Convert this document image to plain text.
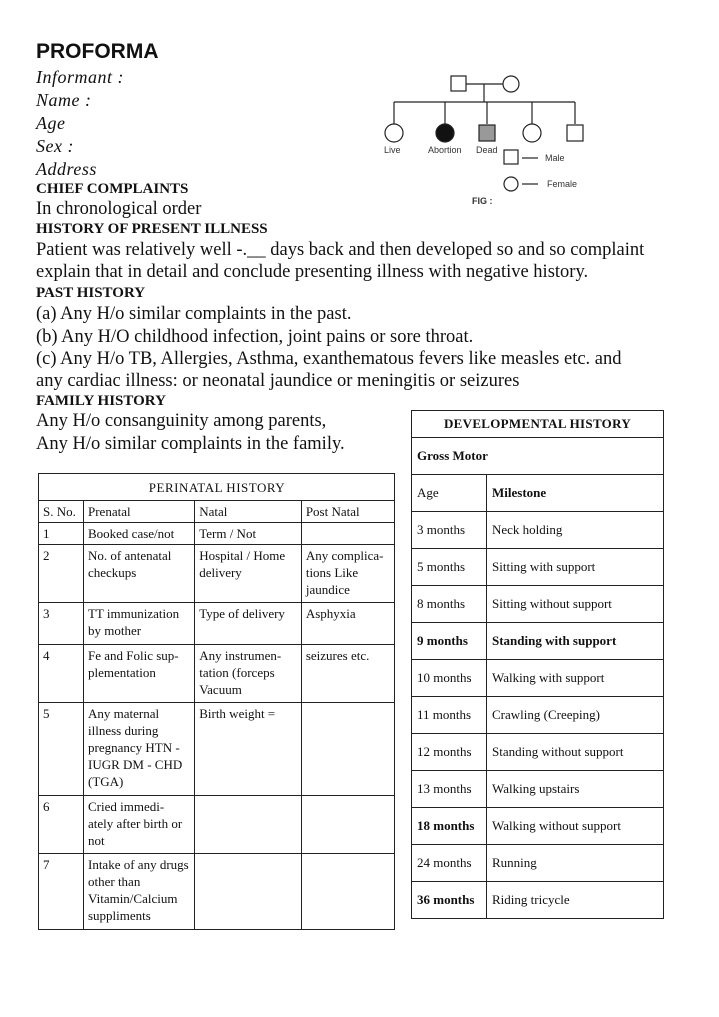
PROFORMA
Informant :
Name :
Age
Sex :
Address
CHIEF COMPLAINTS
In chronological order
HISTORY OF PRESENT ILLNESS
Patient was relatively well -.__ days back and then developed so and so complaint
explain that in detail and conclude presenting illness with negative history.
PAST HISTORY
(a) Any H/o similar complaints in the past.
(b) Any H/O childhood infection, joint pains or sore throat.
(c) Any H/o TB, Allergies, Asthma, exanthematous fevers like measles etc. and
any cardiac illness: or neonatal jaundice or meningitis or seizures
FAMILY HISTORY
Any H/o consanguinity among parents,
Any H/o similar complaints in the family.
Live	Abortion Dead
Male
Female
FIG :
PERINATAL HISTORY			
S. No.	Prenatal	Natal	Post Natal
1	Booked case/not	Term / Not	
2	No. of antenatal checkups	Hospital / Home delivery	Any complica- tions Like jaundice
3	TT immunization by mother	Type of delivery	Asphyxia
4	Fe and Folic sup- plementation	Any instrumen- tation (forceps Vacuum	seizures etc.
5	Any maternal illness during pregnancy HTN - IUGR DM - CHD (TGA)	Birth weight =	
6	Cried immedi- ately after birth or not		
7	Intake of any drugs other than Vitamin/Calcium suppliments		
DEVELOPMENTAL HISTORY	
Gross Motor	
Age	Milestone
3 months	Neck holding
5 months	Sitting with support
8 months	Sitting without support
9 months	Standing with support
10 months	Walking with support
11 months	Crawling (Creeping)
12 months	Standing without support
13 months	Walking upstairs
18 months	Walking without support
24 months	Running
36 months	Riding tricycle
